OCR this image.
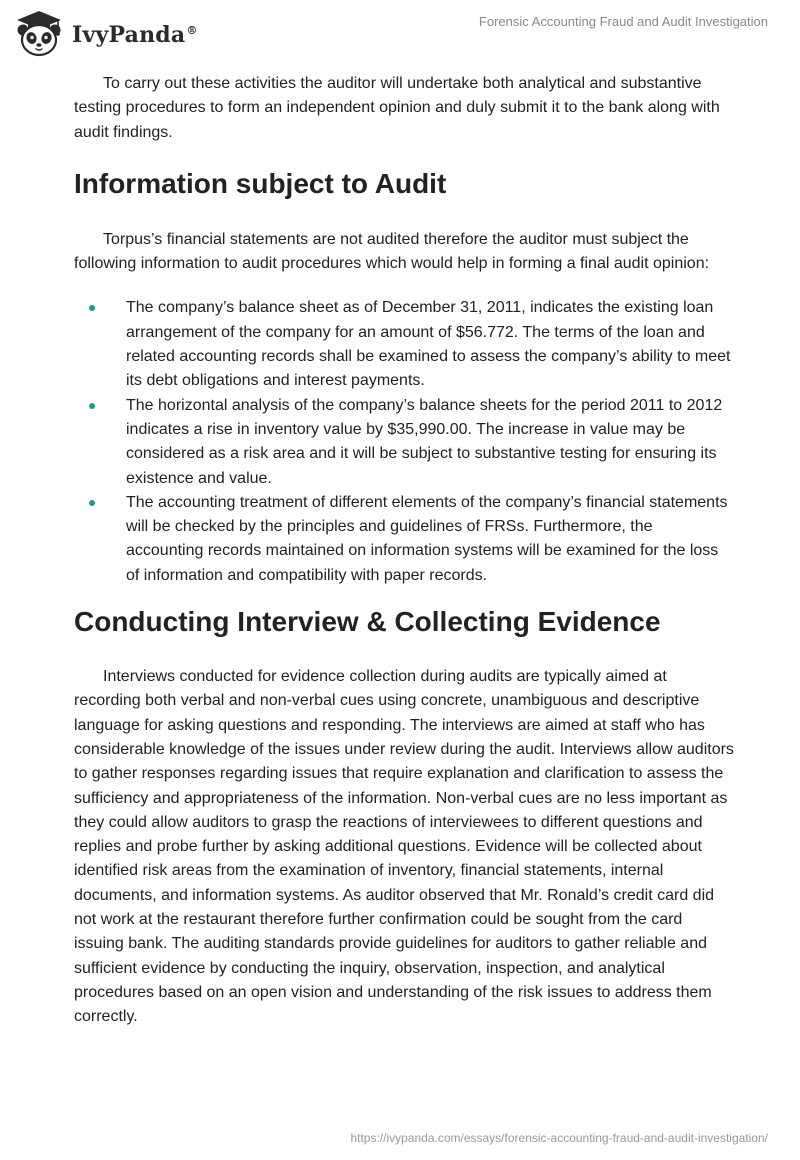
IvyPanda®
Forensic Accounting Fraud and Audit Investigation

To carry out these activities the auditor will undertake both analytical and substantive testing procedures to form an independent opinion and duly submit it to the bank along with audit findings.

Information subject to Audit

Torpus’s financial statements are not audited therefore the auditor must subject the following information to audit procedures which would help in forming a final audit opinion:

The company’s balance sheet as of December 31, 2011, indicates the existing loan arrangement of the company for an amount of $56.772. The terms of the loan and related accounting records shall be examined to assess the company’s ability to meet its debt obligations and interest payments.
The horizontal analysis of the company’s balance sheets for the period 2011 to 2012 indicates a rise in inventory value by $35,990.00. The increase in value may be considered as a risk area and it will be subject to substantive testing for ensuring its existence and value.
The accounting treatment of different elements of the company’s financial statements will be checked by the principles and guidelines of FRSs. Furthermore, the accounting records maintained on information systems will be examined for the loss of information and compatibility with paper records.
Conducting Interview & Collecting Evidence

Interviews conducted for evidence collection during audits are typically aimed at recording both verbal and non-verbal cues using concrete, unambiguous and descriptive language for asking questions and responding. The interviews are aimed at staff who has considerable knowledge of the issues under review during the audit. Interviews allow auditors to gather responses regarding issues that require explanation and clarification to assess the sufficiency and appropriateness of the information. Non-verbal cues are no less important as they could allow auditors to grasp the reactions of interviewees to different questions and replies and probe further by asking additional questions. Evidence will be collected about identified risk areas from the examination of inventory, financial statements, internal documents, and information systems. As auditor observed that Mr. Ronald’s credit card did not work at the restaurant therefore further confirmation could be sought from the card issuing bank. The auditing standards provide guidelines for auditors to gather reliable and sufficient evidence by conducting the inquiry, observation, inspection, and analytical procedures based on an open vision and understanding of the risk issues to address them correctly.

https://ivypanda.com/essays/forensic-accounting-fraud-and-audit-investigation/
